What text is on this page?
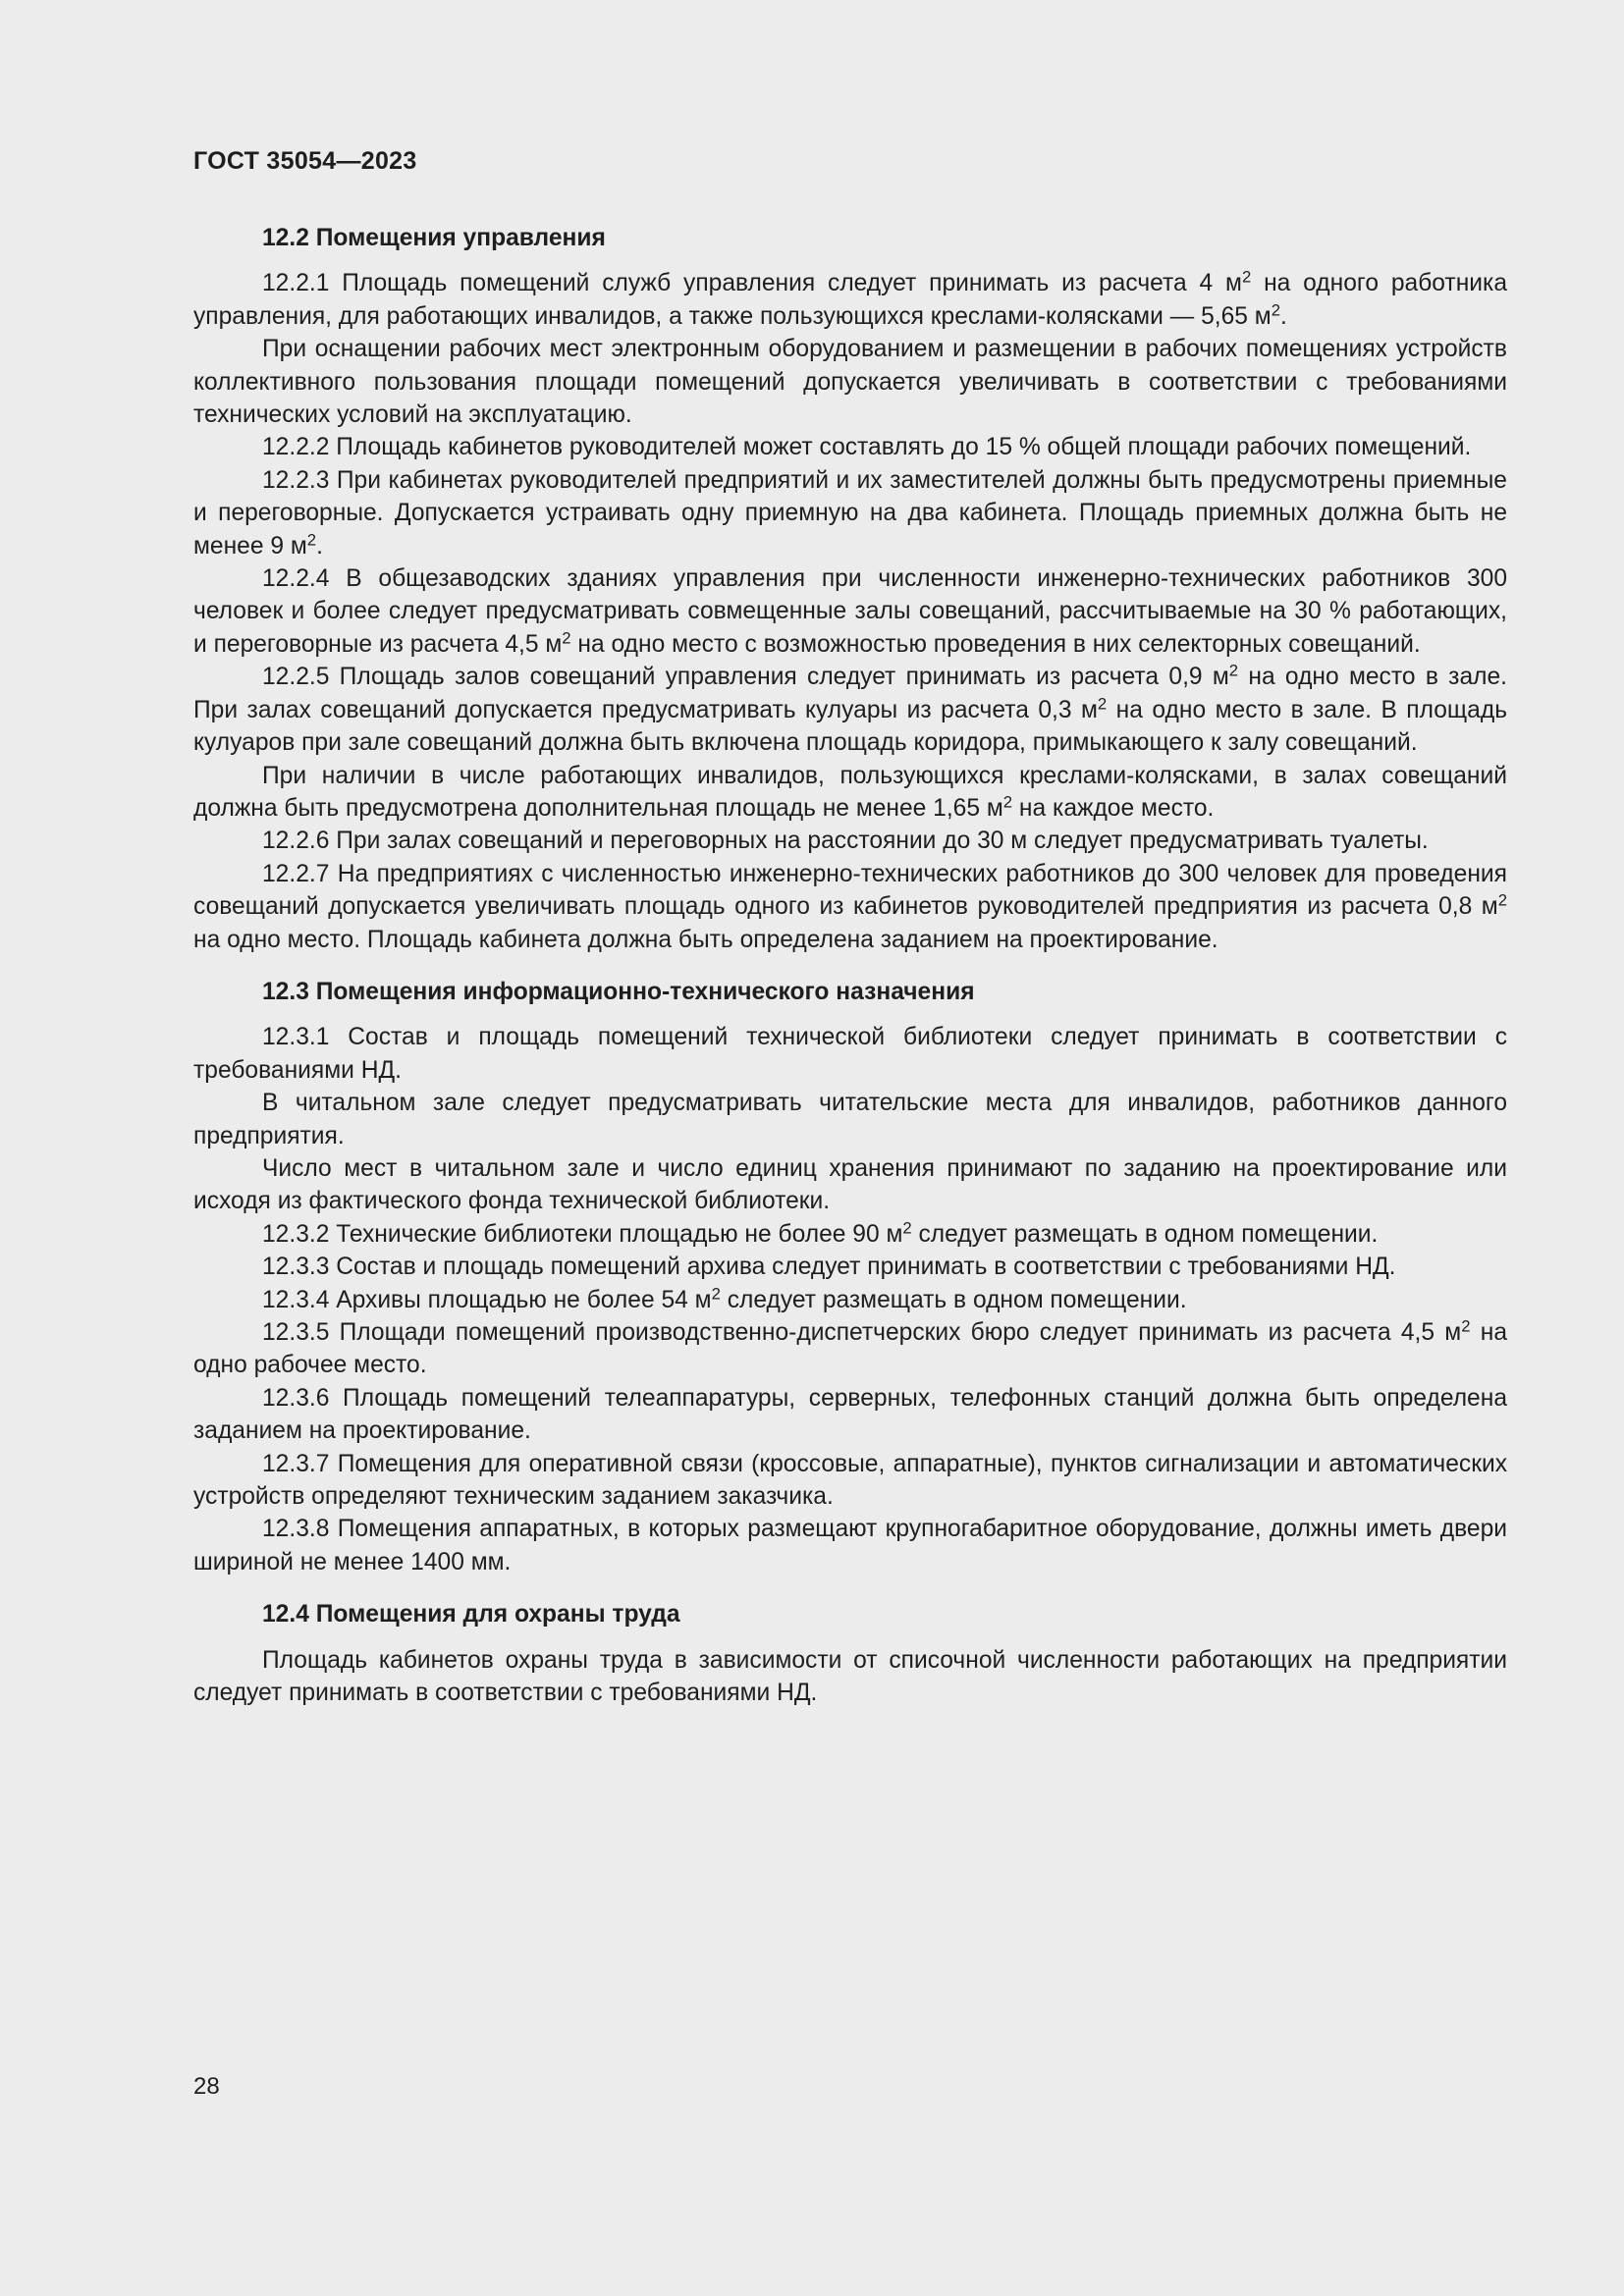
ГОСТ 35054—2023
12.2 Помещения управления

12.2.1 Площадь помещений служб управления следует принимать из расчета 4 $м^2$ на одного работника управления, для работающих инвалидов, а также пользующихся креслами-колясками — 5,65 $м^2$.

При оснащении рабочих мест электронным оборудованием и размещении в рабочих помещениях устройств коллективного пользования площади помещений допускается увеличивать в соответствии с требованиями технических условий на эксплуатацию.

12.2.2 Площадь кабинетов руководителей может составлять до 15 % общей площади рабочих помещений.

12.2.3 При кабинетах руководителей предприятий и их заместителей должны быть предусмотрены приемные и переговорные. Допускается устраивать одну приемную на два кабинета. Площадь приемных должна быть не менее 9 $м^2$.

12.2.4 В общезаводских зданиях управления при численности инженерно-технических работников 300 человек и более следует предусматривать совмещенные залы совещаний, рассчитываемые на 30 % работающих, и переговорные из расчета 4,5 $м^2$ на одно место с возможностью проведения в них селекторных совещаний.

12.2.5 Площадь залов совещаний управления следует принимать из расчета 0,9 $м^2$ на одно место в зале. При залах совещаний допускается предусматривать кулуары из расчета 0,3 $м^2$ на одно место в зале. В площадь кулуаров при зале совещаний должна быть включена площадь коридора, примыкающего к залу совещаний.

При наличии в числе работающих инвалидов, пользующихся креслами-колясками, в залах совещаний должна быть предусмотрена дополнительная площадь не менее 1,65 $м^2$ на каждое место.

12.2.6 При залах совещаний и переговорных на расстоянии до 30 м следует предусматривать туалеты.

12.2.7 На предприятиях с численностью инженерно-технических работников до 300 человек для проведения совещаний допускается увеличивать площадь одного из кабинетов руководителей предприятия из расчета 0,8 $м^2$ на одно место. Площадь кабинета должна быть определена заданием на проектирование.

12.3 Помещения информационно-технического назначения

12.3.1 Состав и площадь помещений технической библиотеки следует принимать в соответствии с требованиями НД.

В читальном зале следует предусматривать читательские места для инвалидов, работников данного предприятия.

Число мест в читальном зале и число единиц хранения принимают по заданию на проектирование или исходя из фактического фонда технической библиотеки.

12.3.2 Технические библиотеки площадью не более 90 $м^2$ следует размещать в одном помещении.

12.3.3 Состав и площадь помещений архива следует принимать в соответствии с требованиями НД.

12.3.4 Архивы площадью не более 54 $м^2$ следует размещать в одном помещении.

12.3.5 Площади помещений производственно-диспетчерских бюро следует принимать из расчета 4,5 $м^2$ на одно рабочее место.

12.3.6 Площадь помещений телеаппаратуры, серверных, телефонных станций должна быть определена заданием на проектирование.

12.3.7 Помещения для оперативной связи (кроссовые, аппаратные), пунктов сигнализации и автоматических устройств определяют техническим заданием заказчика.

12.3.8 Помещения аппаратных, в которых размещают крупногабаритное оборудование, должны иметь двери шириной не менее 1400 мм.

12.4 Помещения для охраны труда

Площадь кабинетов охраны труда в зависимости от списочной численности работающих на предприятии следует принимать в соответствии с требованиями НД.

28
